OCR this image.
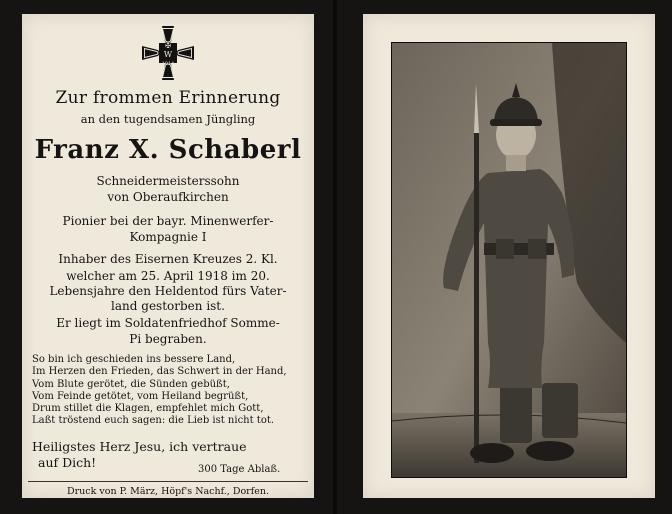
✠
W
1914

Zur frommen Erinnerung

an den tugendsamen Jüngling

Franz X. Schaberl

Schneidermeisterssohn

von Oberaufkirchen

Pionier bei der bayr. Minenwerfer-

Kompagnie I

Inhaber des Eisernen Kreuzes 2. Kl.

welcher am 25. April 1918 im 20.

Lebensjahre den Heldentod fürs Vater-

land gestorben ist.

Er liegt im Soldatenfriedhof Somme-

Pi begraben.

So bin ich geschieden ins bessere Land,
Im Herzen den Frieden, das Schwert in der Hand,
Vom Blute gerötet, die Sünden gebüßt,
Vom Feinde getötet, vom Heiland begrüßt,
Drum stillet die Klagen, empfehlet mich Gott,
Laßt tröstend euch sagen: die Lieb ist nicht tot.
Heiligstes Herz Jesu, ich vertraue
auf Dich!	300 Tage Ablaß.

Druck von P. März, Höpf's Nachf., Dorfen.
